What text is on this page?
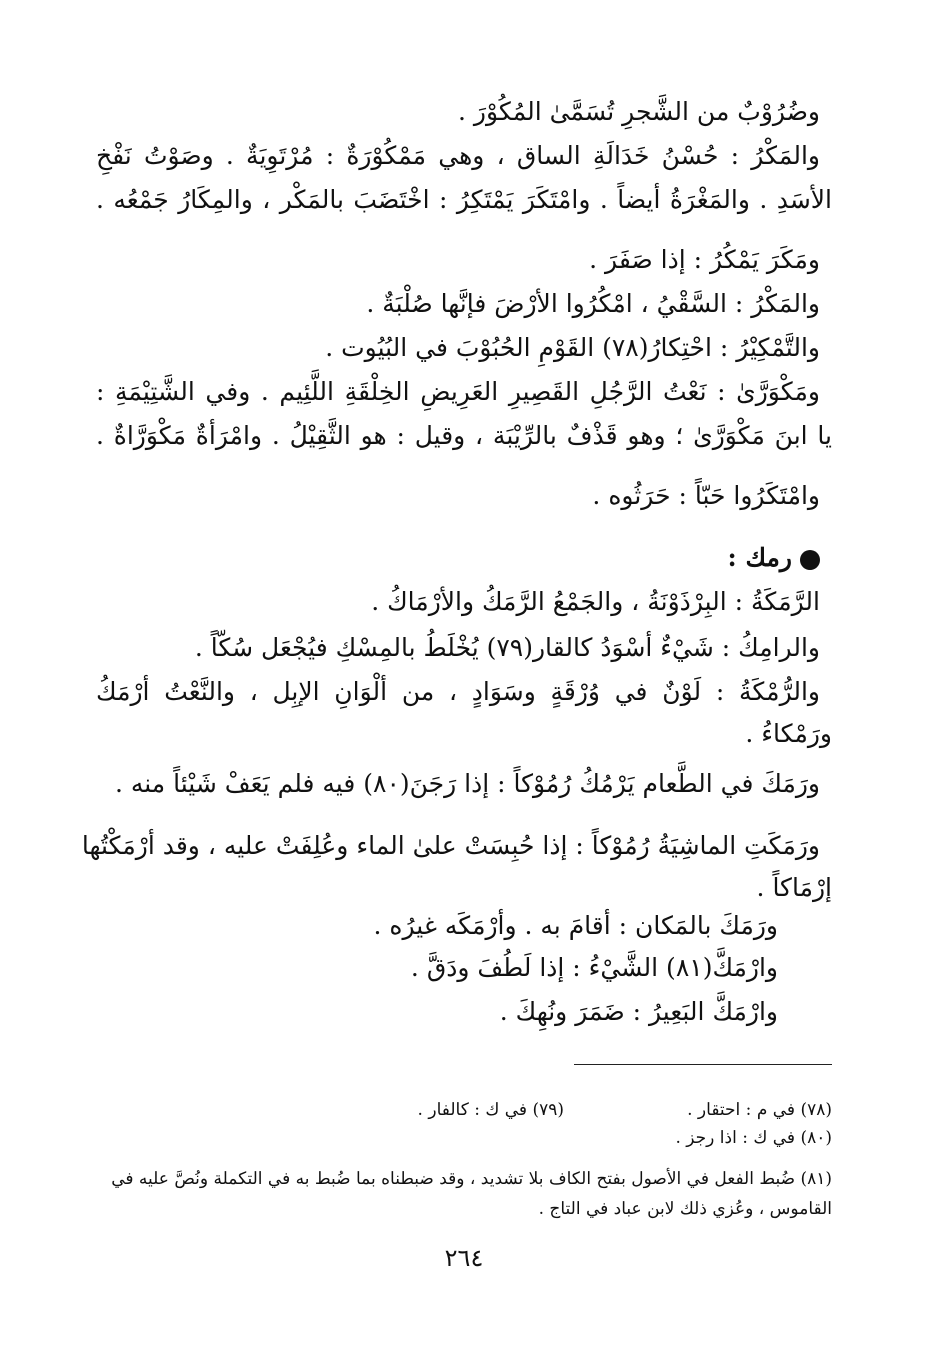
وضُرُوْبٌ من الشَّجرِ تُسَمَّىٰ المُكُوْرَ .
والمَكْرُ : حُسْنُ خَدَالَةِ الساق ، وهي مَمْكُوْرَةٌ : مُرْتَوِيَةٌ . وصَوْتُ نَفْخِ
الأسَدِ . والمَغْرَةُ أيضاً . وامْتَكَرَ يَمْتَكِرُ : اخْتَضَبَ بالمَكْر ، والمِكَارُ جَمْعُه .
ومَكَرَ يَمْكُرُ : إذا صَفَرَ .
والمَكْرُ : السَّقْيُ ، امْكُرُوا الأرْضَ فإنَّها صُلْبَةٌ .
والتَّمْكِيْرُ : احْتِكارُ(٧٨) القَوْمِ الحُبُوْبَ في البُيُوت .
ومَكْوَرَّىٰ : نَعْتُ الرَّجُلِ القَصِيرِ العَرِيضِ الخِلْقَةِ اللَّئِيم . وفي الشَّتِيْمَةِ :
يا ابنَ مَكْوَرَّىٰ ؛ وهو قَذْفٌ بالرِّيْبَة ، وقيل : هو الثَّقِيْلُ . وامْرَأةٌ مَكْوَرَّاةٌ .
وامْتَكَرُوا حَبّاً : حَرَثُوه .
رمك :
الرَّمَكَةُ : البِرْذَوْنَةُ ، والجَمْعُ الرَّمَكُ والأرْمَاكُ .
والرامِكُ : شَيْءٌ أسْوَدُ كالقار(٧٩) يُخْلَطُ بالمِسْكِ فيُجْعَل سُكّاً .
والرُّمْكَةُ : لَوْنٌ في وُرْقَةٍ وسَوَادٍ ، من ألْوَانِ الإبِل ، والنَّعْتُ أرْمَكُ
ورَمْكاءُ .
ورَمَكَ في الطَّعام يَرْمُكُ رُمُوْكاً : إذا رَجَنَ(٨٠) فيه فلم يَعَفْ شَيْئاً منه .
ورَمَكَتِ الماشِيَةُ رُمُوْكاً : إذا حُبِسَتْ علىٰ الماء وعُلِفَتْ عليه ، وقد أرْمَكْتُها
إرْمَاكاً .
ورَمَكَ بالمَكان : أقامَ به . وأرْمَكَه غيرُه .
وارْمَكَّ(٨١) الشَّيْءُ : إذا لَطُفَ ودَقَّ .
وارْمَكَّ البَعِيرُ : ضَمَرَ ونُهِكَ .
(٧٨) في م : احتقار .
(٧٩) في ك : كالفار .
(٨٠) في ك : اذا رجز .
(٨١) ضُبط الفعل في الأصول بفتح الكاف بلا تشديد ، وقد ضبطناه بما ضُبط به في التكملة ونُصَّ عليه في القاموس ، وعُزي ذلك لابن عباد في التاج .
٢٦٤
